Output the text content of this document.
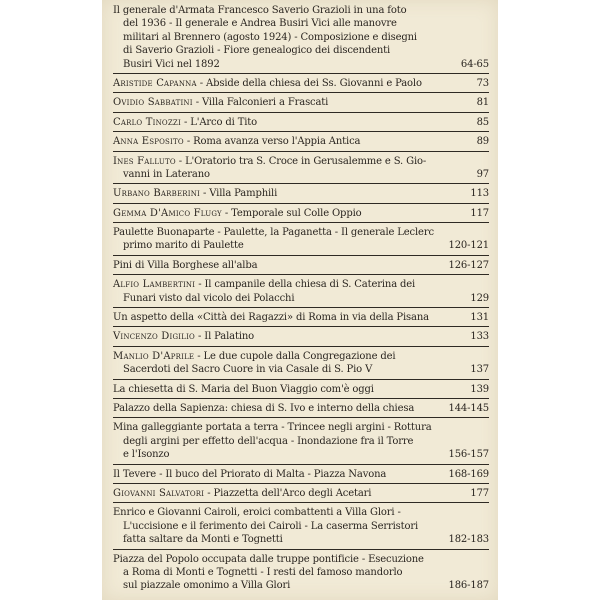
Il generale d'Armata Francesco Saverio Grazioli in una foto
del 1936 - Il generale e Andrea Busiri Vici alle manovre
militari al Brennero (agosto 1924) - Composizione e disegni
di Saverio Grazioli - Fiore genealogico dei discendenti
Busiri Vici nel 1892	64-65
Aristide Capanna - Abside della chiesa dei Ss. Giovanni e Paolo	73
Ovidio Sabbatini - Villa Falconieri a Frascati	81
Carlo Tinozzi - L'Arco di Tito	85
Anna Esposito - Roma avanza verso l'Appia Antica	89
Ines Falluto - L'Oratorio tra S. Croce in Gerusalemme e S. Gio-
vanni in Laterano	97
Urbano Barberini - Villa Pamphili	113
Gemma D'Amico Flugy - Temporale sul Colle Oppio	117
Paulette Buonaparte - Paulette, la Paganetta - Il generale Leclerc
primo marito di Paulette	120-121
Pini di Villa Borghese all'alba	126-127
Alfio Lambertini - Il campanile della chiesa di S. Caterina dei
Funari visto dal vicolo dei Polacchi	129
Un aspetto della «Città dei Ragazzi» di Roma in via della Pisana	131
Vincenzo Digilio - Il Palatino	133
Manlio D'Aprile - Le due cupole dalla Congregazione dei
Sacerdoti del Sacro Cuore in via Casale di S. Pio V	137
La chiesetta di S. Maria del Buon Viaggio com'è oggi	139
Palazzo della Sapienza: chiesa di S. Ivo e interno della chiesa	144-145
Mina galleggiante portata a terra - Trincee negli argini - Rottura
degli argini per effetto dell'acqua - Inondazione fra il Torre
e l'Isonzo	156-157
Il Tevere - Il buco del Priorato di Malta - Piazza Navona	168-169
Giovanni Salvatori - Piazzetta dell'Arco degli Acetari	177
Enrico e Giovanni Cairoli, eroici combattenti a Villa Glori -
L'uccisione e il ferimento dei Cairoli - La caserma Serristori
fatta saltare da Monti e Tognetti	182-183
Piazza del Popolo occupata dalle truppe pontificie - Esecuzione
a Roma di Monti e Tognetti - I resti del famoso mandorlo
sul piazzale omonimo a Villa Glori	186-187
